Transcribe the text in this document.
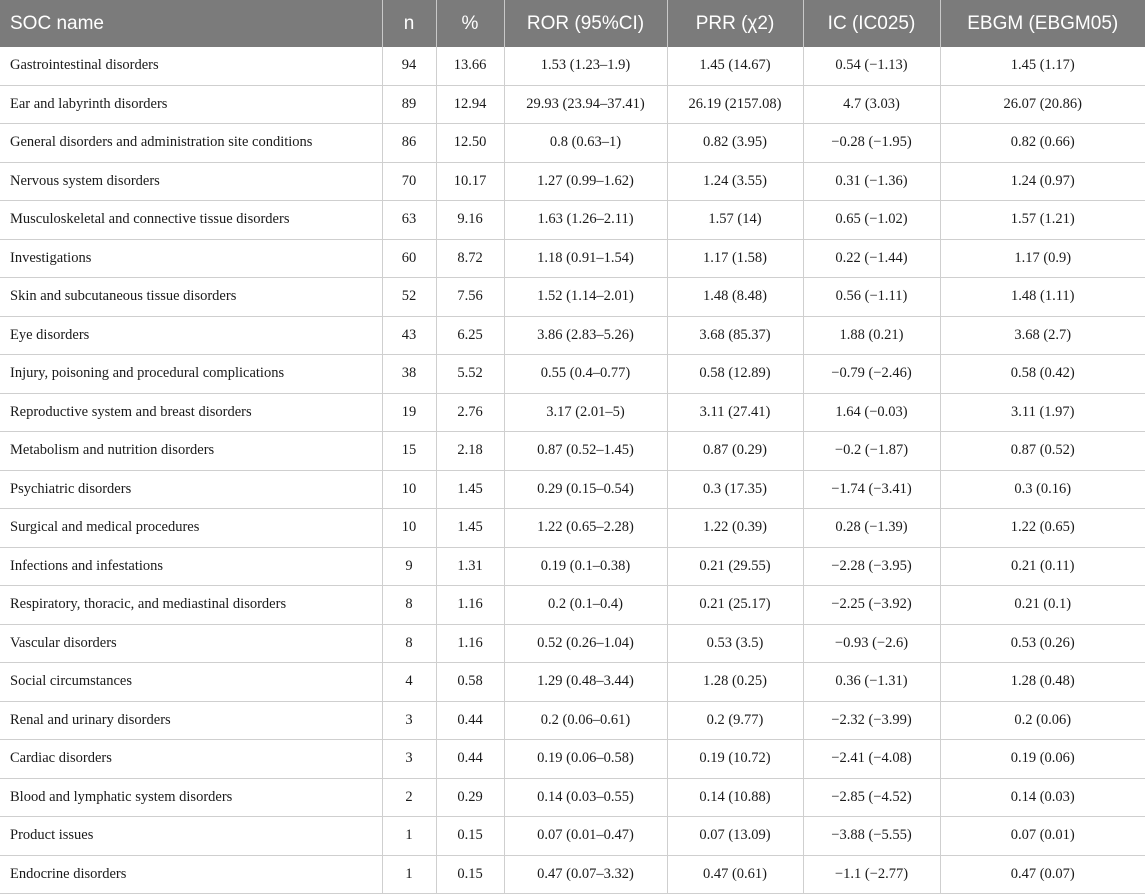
SOC name	n	%	ROR (95%CI)	PRR (χ2)	IC (IC025)	EBGM (EBGM05)
Gastrointestinal disorders	94	13.66	1.53 (1.23–1.9)	1.45 (14.67)	0.54 (−1.13)	1.45 (1.17)
Ear and labyrinth disorders	89	12.94	29.93 (23.94–37.41)	26.19 (2157.08)	4.7 (3.03)	26.07 (20.86)
General disorders and administration site conditions	86	12.50	0.8 (0.63–1)	0.82 (3.95)	−0.28 (−1.95)	0.82 (0.66)
Nervous system disorders	70	10.17	1.27 (0.99–1.62)	1.24 (3.55)	0.31 (−1.36)	1.24 (0.97)
Musculoskeletal and connective tissue disorders	63	9.16	1.63 (1.26–2.11)	1.57 (14)	0.65 (−1.02)	1.57 (1.21)
Investigations	60	8.72	1.18 (0.91–1.54)	1.17 (1.58)	0.22 (−1.44)	1.17 (0.9)
Skin and subcutaneous tissue disorders	52	7.56	1.52 (1.14–2.01)	1.48 (8.48)	0.56 (−1.11)	1.48 (1.11)
Eye disorders	43	6.25	3.86 (2.83–5.26)	3.68 (85.37)	1.88 (0.21)	3.68 (2.7)
Injury, poisoning and procedural complications	38	5.52	0.55 (0.4–0.77)	0.58 (12.89)	−0.79 (−2.46)	0.58 (0.42)
Reproductive system and breast disorders	19	2.76	3.17 (2.01–5)	3.11 (27.41)	1.64 (−0.03)	3.11 (1.97)
Metabolism and nutrition disorders	15	2.18	0.87 (0.52–1.45)	0.87 (0.29)	−0.2 (−1.87)	0.87 (0.52)
Psychiatric disorders	10	1.45	0.29 (0.15–0.54)	0.3 (17.35)	−1.74 (−3.41)	0.3 (0.16)
Surgical and medical procedures	10	1.45	1.22 (0.65–2.28)	1.22 (0.39)	0.28 (−1.39)	1.22 (0.65)
Infections and infestations	9	1.31	0.19 (0.1–0.38)	0.21 (29.55)	−2.28 (−3.95)	0.21 (0.11)
Respiratory, thoracic, and mediastinal disorders	8	1.16	0.2 (0.1–0.4)	0.21 (25.17)	−2.25 (−3.92)	0.21 (0.1)
Vascular disorders	8	1.16	0.52 (0.26–1.04)	0.53 (3.5)	−0.93 (−2.6)	0.53 (0.26)
Social circumstances	4	0.58	1.29 (0.48–3.44)	1.28 (0.25)	0.36 (−1.31)	1.28 (0.48)
Renal and urinary disorders	3	0.44	0.2 (0.06–0.61)	0.2 (9.77)	−2.32 (−3.99)	0.2 (0.06)
Cardiac disorders	3	0.44	0.19 (0.06–0.58)	0.19 (10.72)	−2.41 (−4.08)	0.19 (0.06)
Blood and lymphatic system disorders	2	0.29	0.14 (0.03–0.55)	0.14 (10.88)	−2.85 (−4.52)	0.14 (0.03)
Product issues	1	0.15	0.07 (0.01–0.47)	0.07 (13.09)	−3.88 (−5.55)	0.07 (0.01)
Endocrine disorders	1	0.15	0.47 (0.07–3.32)	0.47 (0.61)	−1.1 (−2.77)	0.47 (0.07)
